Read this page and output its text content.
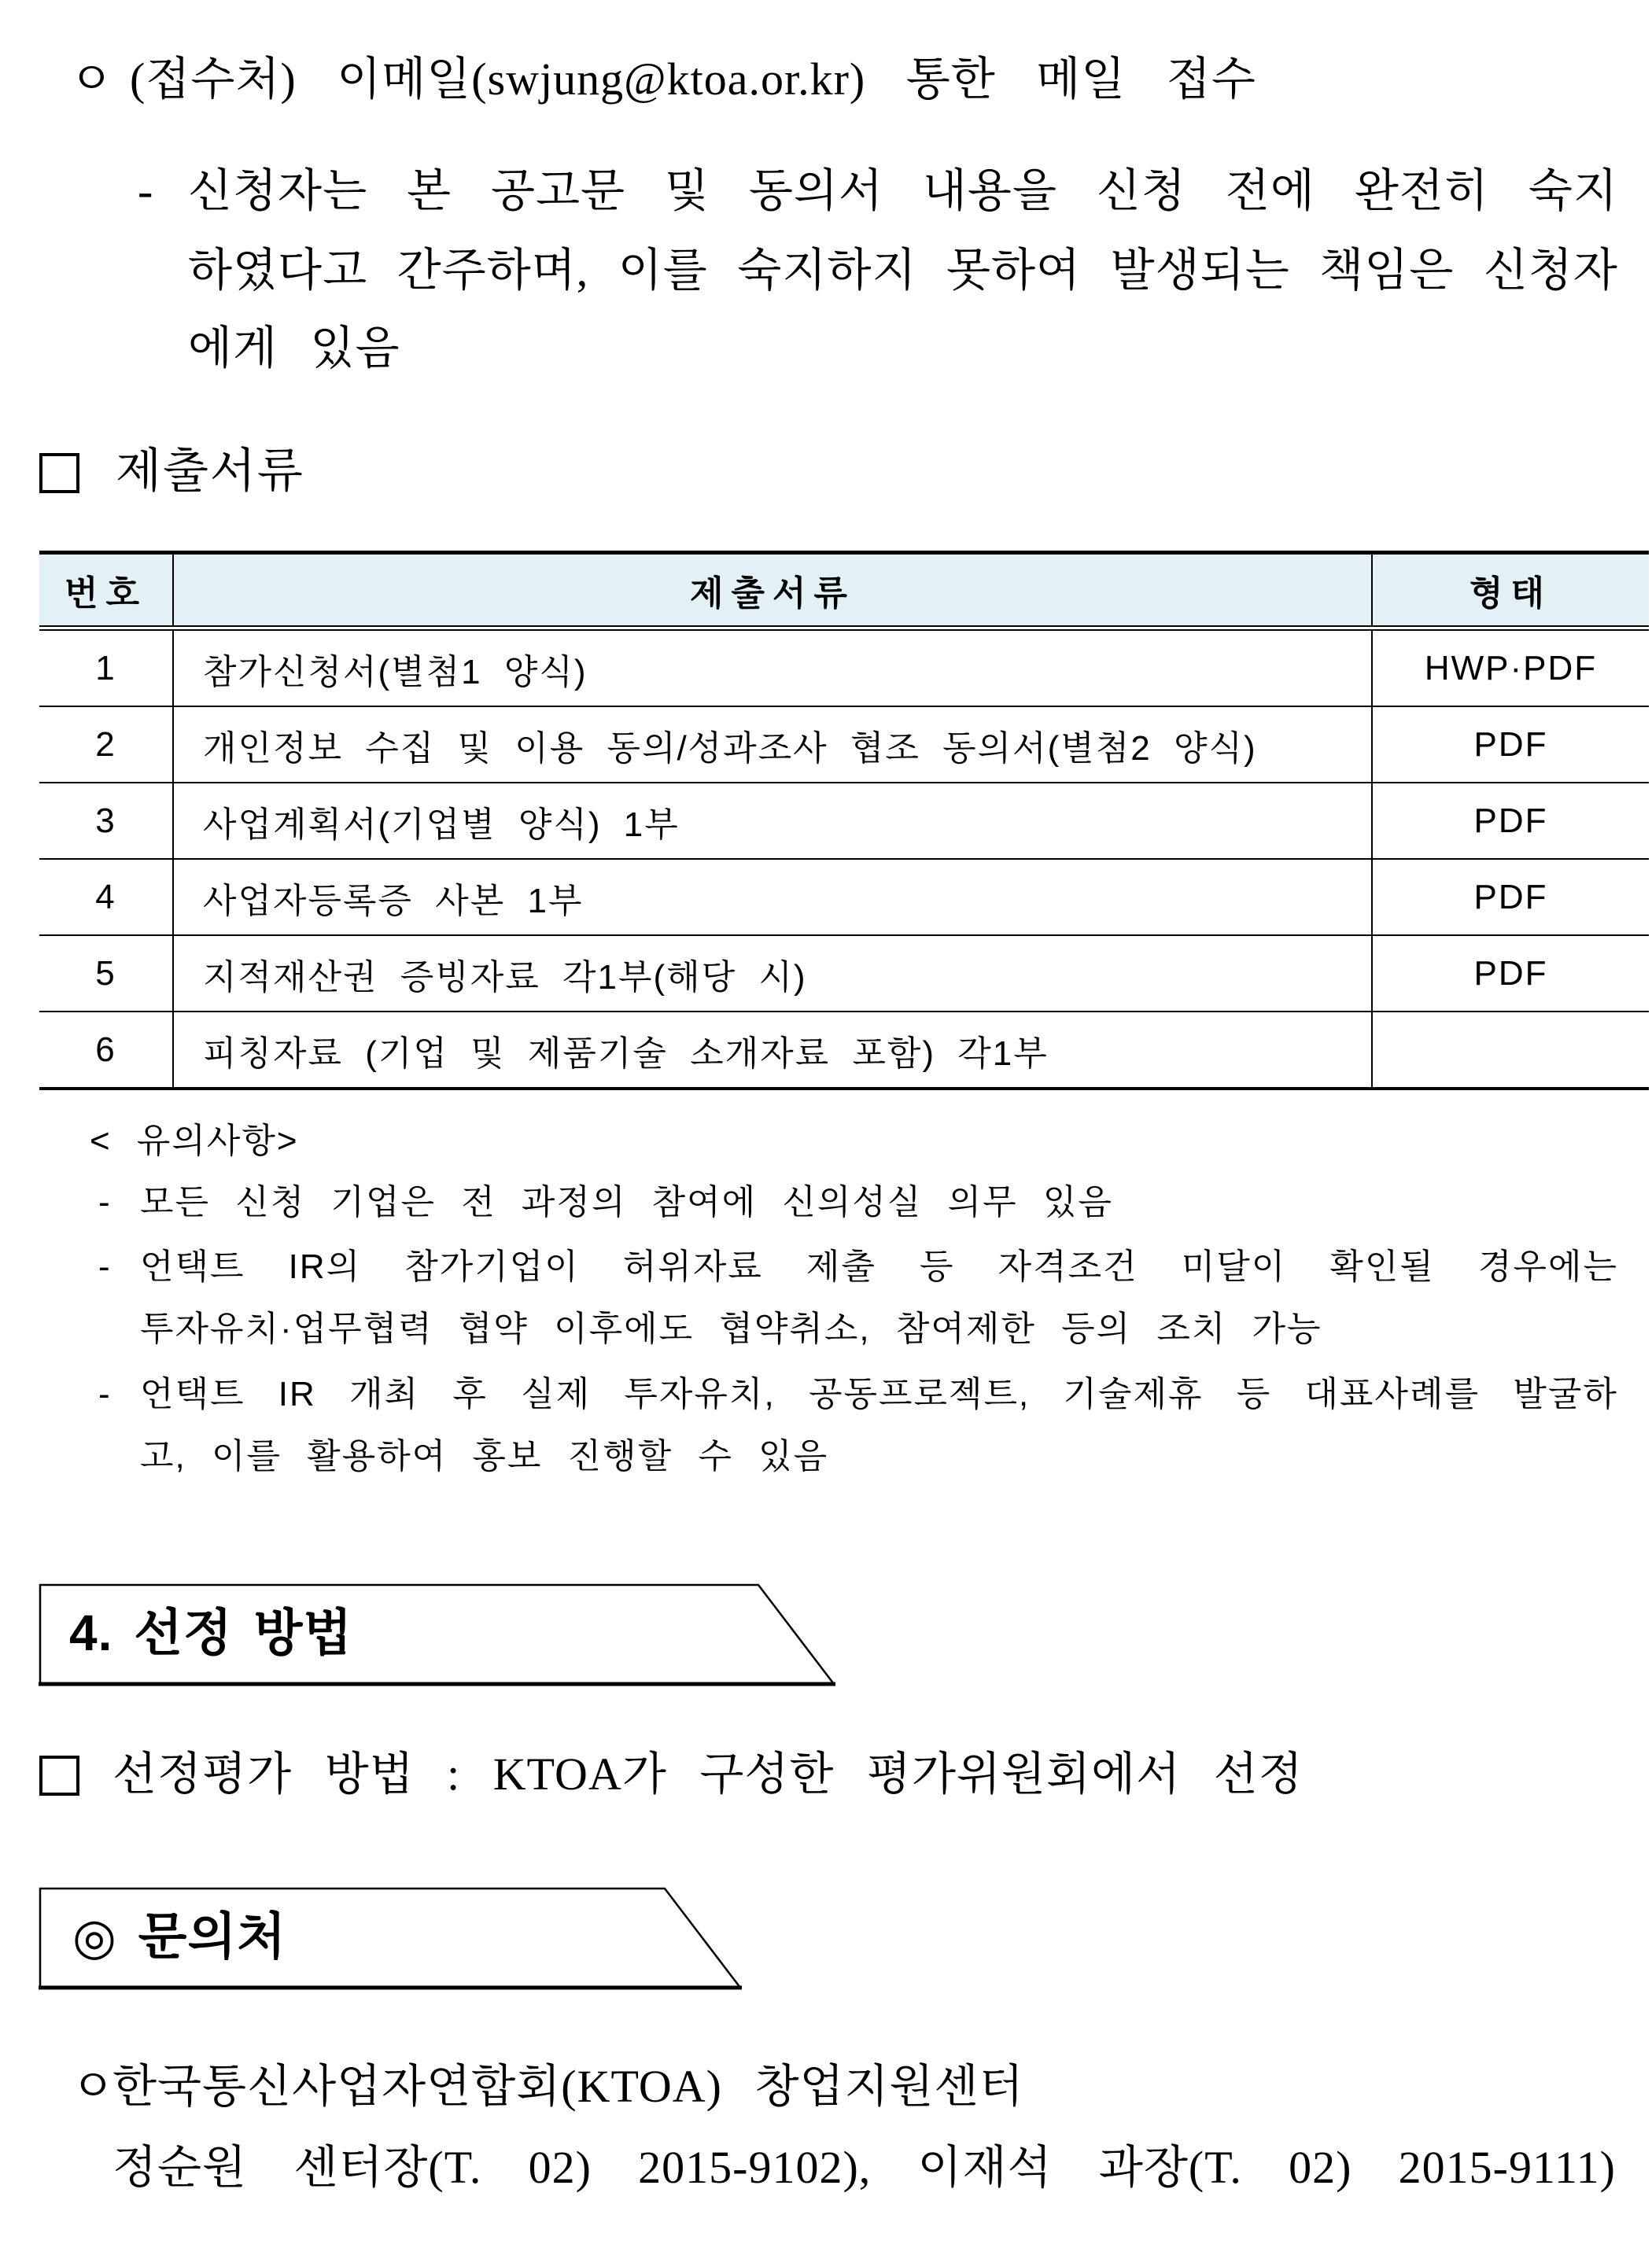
ㅇ (접수처) 이메일(swjung@ktoa.or.kr) 통한 메일 접수
- 신청자는 본 공고문 및 동의서 내용을 신청 전에 완전히 숙지
하였다고 간주하며, 이를 숙지하지 못하여 발생되는 책임은 신청자
에게 있음
제출서류
번호	제출서류	형태
1	참가신청서(별첨1 양식)	HWP·PDF
2	개인정보 수집 및 이용 동의/성과조사 협조 동의서(별첨2 양식)	PDF
3	사업계획서(기업별 양식) 1부	PDF
4	사업자등록증 사본 1부	PDF
5	지적재산권 증빙자료 각1부(해당 시)	PDF
6	피칭자료 (기업 및 제품기술 소개자료 포함) 각1부	
< 유의사항>
- 모든 신청 기업은 전 과정의 참여에 신의성실 의무 있음
- 언택트 IR의 참가기업이 허위자료 제출 등 자격조건 미달이 확인될 경우에는
투자유치·업무협력 협약 이후에도 협약취소, 참여제한 등의 조치 가능
- 언택트 IR 개최 후 실제 투자유치, 공동프로젝트, 기술제휴 등 대표사례를 발굴하
고, 이를 활용하여 홍보 진행할 수 있음
4. 선정 방법
선정평가 방법 : KTOA가 구성한 평가위원회에서 선정
◎ 문의처
ㅇ
한국통신사업자연합회(KTOA) 창업지원센터
정순원 센터장(T. 02) 2015-9102), 이재석 과장(T. 02) 2015-9111)
